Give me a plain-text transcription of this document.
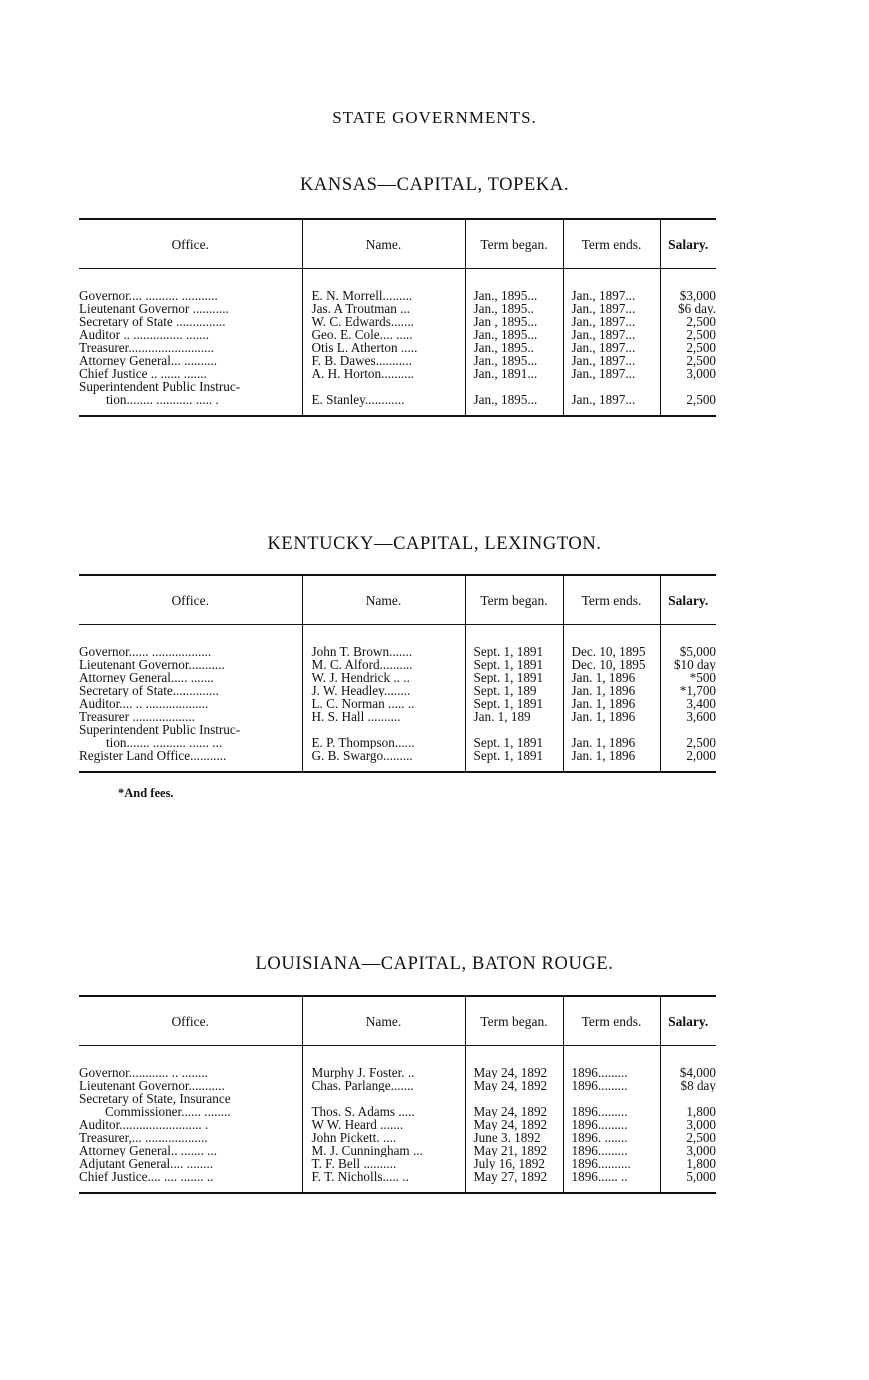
STATE GOVERNMENTS.
KANSAS—CAPITAL, TOPEKA.
Office.	Name.	Term began.	Term ends.	Salary.
Governor.... .......... ...........	E. N. Morrell.........	Jan., 1895...	Jan., 1897...	$3,000
Lieutenant Governor ...........	Jas. A Troutman ...	Jan., 1895..	Jan., 1897...	$6 day.
Secretary of State ...............	W. C. Edwards.......	Jan , 1895...	Jan., 1897...	2,500
Auditor .. ............... .......	Geo. E. Cole.... .....	Jan., 1895...	Jan., 1897...	2,500
Treasurer..........................	Otis L. Atherton .....	Jan., 1895..	Jan., 1897...	2,500
Attorney General... ..........	F. B. Dawes...........	Jan., 1895...	Jan., 1897...	2,500
Chief Justice .. ...... .......	A. H. Horton..........	Jan., 1891...	Jan., 1897...	3,000

Superintendent Public Instruc-
tion........ ........... ..... .	E. Stanley............	Jan., 1895...	Jan., 1897...	2,500

KENTUCKY—CAPITAL, LEXINGTON.
Office.	Name.	Term began.	Term ends.	Salary.
Governor...... ..................	John T. Brown.......	Sept. 1, 1891	Dec. 10, 1895	$5,000
Lieutenant Governor...........	M. C. Alford..........	Sept. 1, 1891	Dec. 10, 1895	$10 day
Attorney General..... .......	W. J. Hendrick .. ..	Sept. 1, 1891	Jan. 1, 1896	*500
Secretary of State..............	J. W. Headley........	Sept. 1, 189	Jan. 1, 1896	*1,700
Auditor.... .. ...................	L. C. Norman ..... ..	Sept. 1, 1891	Jan. 1, 1896	3,400
Treasurer ...................	H. S. Hall ..........	Jan. 1, 189	Jan. 1, 1896	3,600

Superintendent Public Instruc-
tion....... .......... ...... ...	E. P. Thompson......	Sept. 1, 1891	Jan. 1, 1896	2,500
Register Land Office...........	G. B. Swargo.........	Sept. 1, 1891	Jan. 1, 1896	2,000

*And fees.
LOUISIANA—CAPITAL, BATON ROUGE.
Office.	Name.	Term began.	Term ends.	Salary.
Governor............ .. ........	Murphy J. Foster. ..	May 24, 1892	1896.........	$4,000
Lieutenant Governor...........	Chas. Parlange.......	May 24, 1892	1896.........	$8 day

Secretary of State, Insurance
Commissioner...... ........	Thos. S. Adams .....	May 24, 1892	1896.........	1,800
Auditor......................... .	W W. Heard .......	May 24, 1892	1896.........	3,000
Treasurer,... ...................	John Pickett. ....	June 3. 1892	1896. .......	2,500
Attorney General.. ....... ...	M. J. Cunningham ...	May 21, 1892	1896.........	3,000
Adjutant General.... ........	T. F. Bell ..........	July 16, 1892	1896..........	1,800
Chief Justice.... .... ....... ..	F. T. Nicholls..... ..	May 27, 1892	1896...... ..	5,000
